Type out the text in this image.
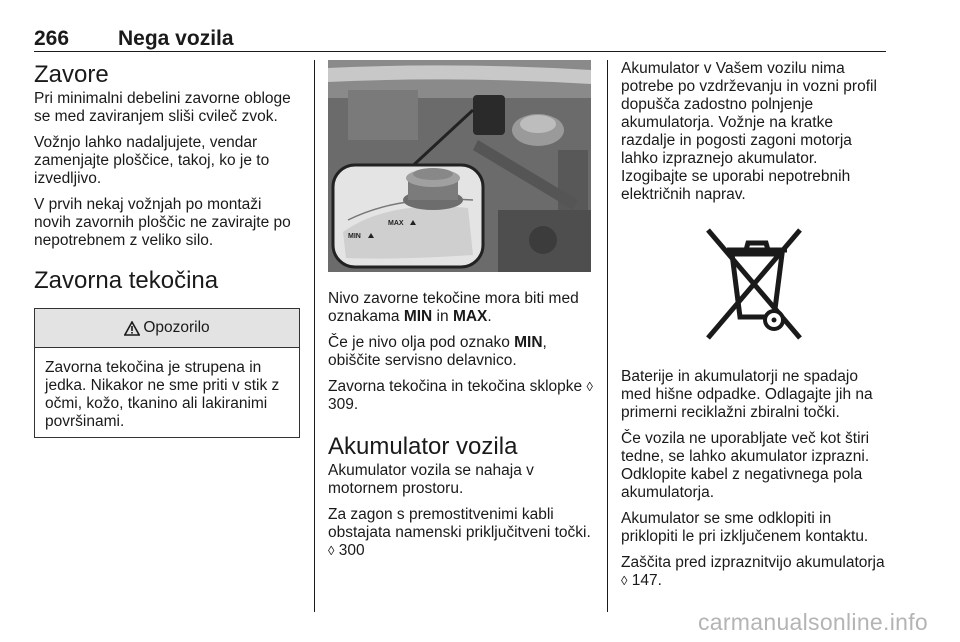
266 Nega vozila
Zavore

Pri minimalni debelini zavorne obloge se med zaviranjem sliši cvileč zvok.

Vožnjo lahko nadaljujete, vendar zamenjajte ploščice, takoj, ko je to izvedljivo.

V prvih nekaj vožnjah po montaži novih zavornih ploščic ne zavirajte po nepotrebnem z veliko silo.

Zavorna tekočina
Opozorilo

Zavorna tekočina je strupena in jedka. Nikakor ne sme priti v stik z očmi, kožo, tkanino ali lakiranimi površinami.

MIN
MAX

Nivo zavorne tekočine mora biti med oznakama MIN in MAX.

Če je nivo olja pod oznako MIN, obiščite servisno delavnico.

Zavorna tekočina in tekočina sklopke ◊ 309.

Akumulator vozila

Akumulator vozila se nahaja v motornem prostoru.

Za zagon s premostitvenimi kabli obstajata namenski priključitveni točki. ◊ 300

Akumulator v Vašem vozilu nima potrebe po vzdrževanju in vozni profil dopušča zadostno polnjenje akumulatorja. Vožnje na kratke razdalje in pogosti zagoni motorja lahko izpraznejo akumulator. Izogibajte se uporabi nepotrebnih električnih naprav.

Baterije in akumulatorji ne spadajo med hišne odpadke. Odlagajte jih na primerni reciklažni zbiralni točki.

Če vozila ne uporabljate več kot štiri tedne, se lahko akumulator izprazni. Odklopite kabel z negativnega pola akumulatorja.

Akumulator se sme odklopiti in priklopiti le pri izključenem kontaktu.

Zaščita pred izpraznitvijo akumulatorja ◊ 147.

carmanualsonline.info
